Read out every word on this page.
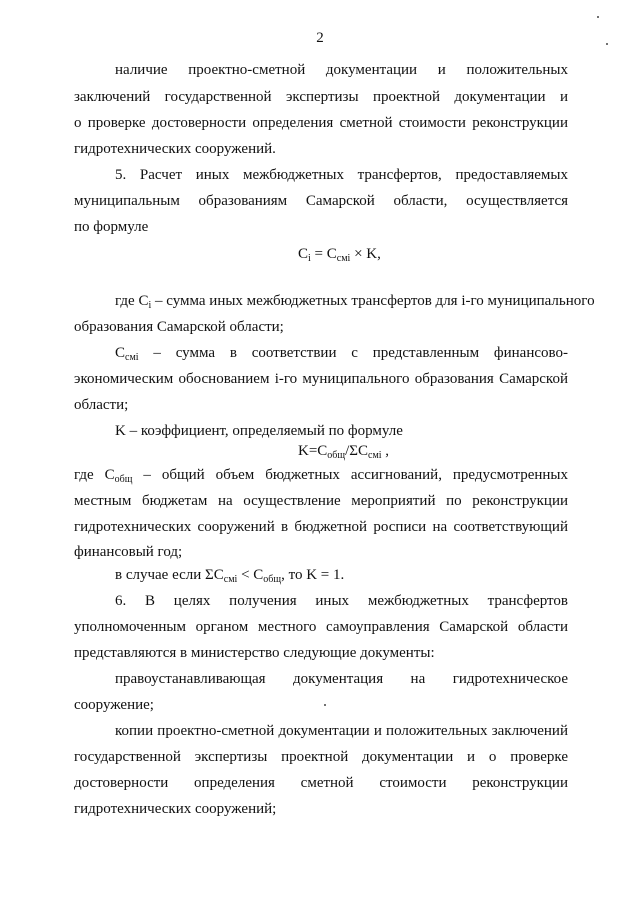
2
наличие проектно-сметной документации и положительных
заключений государственной экспертизы проектной документации и
о проверке достоверности определения сметной стоимости реконструкции
гидротехнических сооружений.
5. Расчет иных межбюджетных трансфертов, предоставляемых
муниципальным образованиям Самарской области, осуществляется
по формуле
$C_i = C_{смi} \times K$,
где $C_i$ – сумма иных межбюджетных трансфертов для i-го муниципального
образования Самарской области;
$C_{смi}$ – сумма в соответствии с представленным финансово-
экономическим обоснованием i-го муниципального образования Самарской
области;
K – коэффициент, определяемый по формуле
$K=C_{общ}/\Sigma C_{смi}$ ,
где $C_{общ}$ – общий объем бюджетных ассигнований, предусмотренных
местным бюджетам на осуществление мероприятий по реконструкции
гидротехнических сооружений в бюджетной росписи на соответствующий
финансовый год;
в случае если $\Sigma C_{смi} < C_{общ}$, то K = 1.
6. В целях получения иных межбюджетных трансфертов
уполномоченным органом местного самоуправления Самарской области
представляются в министерство следующие документы:
правоустанавливающая документация на гидротехническое
сооружение;
копии проектно-сметной документации и положительных заключений
государственной экспертизы проектной документации и о проверке
достоверности определения сметной стоимости реконструкции
гидротехнических сооружений;
